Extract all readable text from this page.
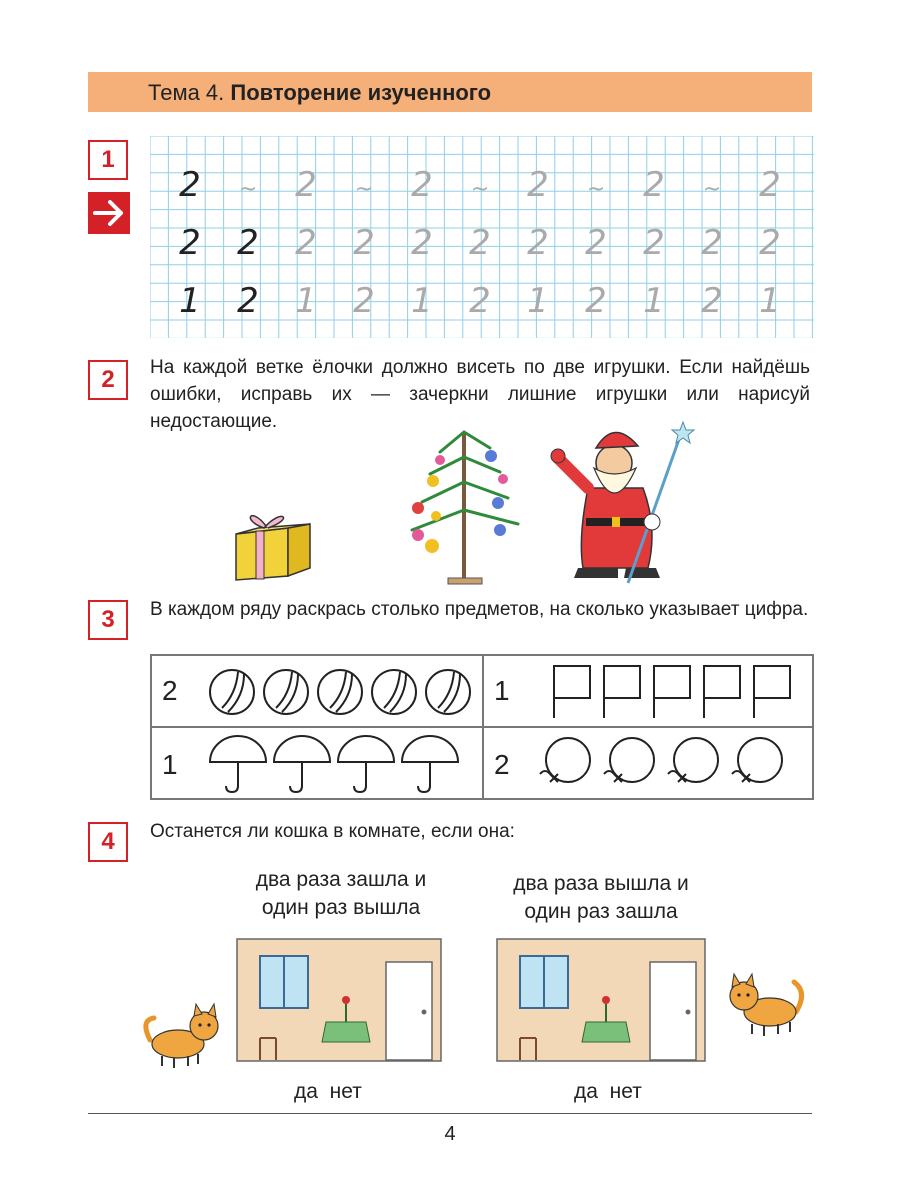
Тема 4. Повторение изученного
1
2 ~ 2 ~ 2 ~ 2 ~ 2 ~ 2
2 2 2 2 2 2 2 2 2 2 2
1 2 1 2 1 2 1 2 1 2 1
2	На каждой ветке ёлочки должно висеть по две игрушки. Если найдёшь ошибки, исправь их — зачеркни лишние игрушки или нарисуй недостающие.
3	В каждом ряду раскрась столько предметов, на сколько указывает цифра.
2	1
1	2
4	Останется ли кошка в комнате, если она:
два раза зашла и
один раз вышла
два раза вышла и
один раз зашла
да нет	да нет
4
